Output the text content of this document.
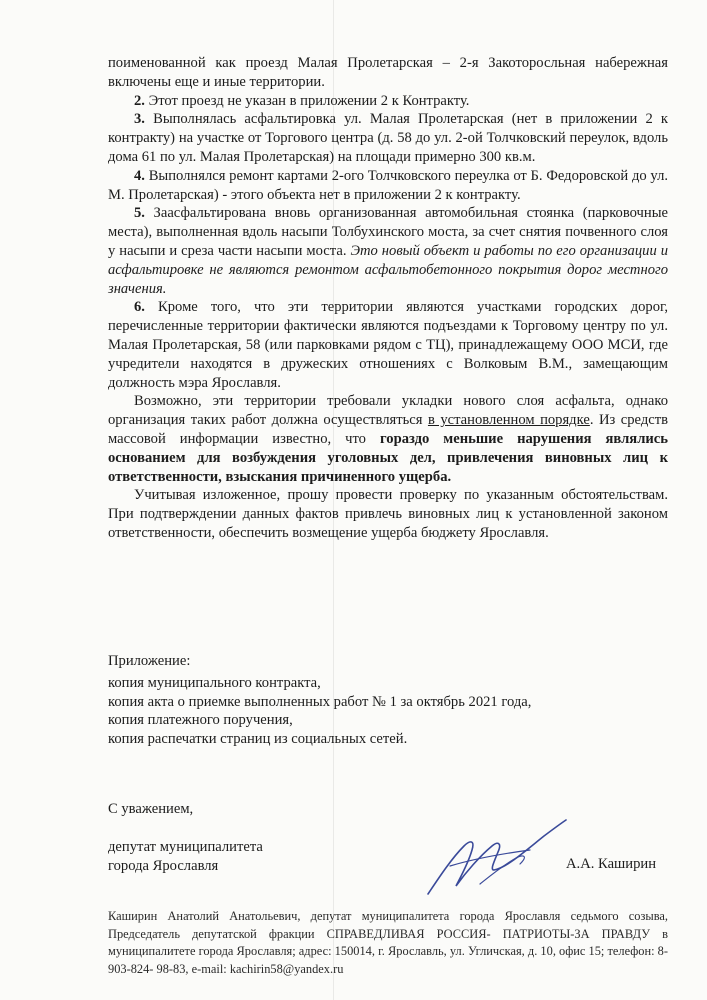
поименованной как проезд Малая Пролетарская – 2-я Закоторосльная набережная включены еще и иные территории.

2. Этот проезд не указан в приложении 2 к Контракту.

3. Выполнялась асфальтировка ул. Малая Пролетарская (нет в приложении 2 к контракту) на участке от Торгового центра (д. 58 до ул. 2-ой Толчковский переулок, вдоль дома 61 по ул. Малая Пролетарская) на площади примерно 300 кв.м.

4. Выполнялся ремонт картами 2-ого Толчковского переулка от Б. Федоровской до ул. М. Пролетарская) - этого объекта нет в приложении 2 к контракту.

5. Заасфальтирована вновь организованная автомобильная стоянка (парковочные места), выполненная вдоль насыпи Толбухинского моста, за счет снятия почвенного слоя у насыпи и среза части насыпи моста. Это новый объект и работы по его организации и асфальтировке не являются ремонтом асфальтобетонного покрытия дорог местного значения.

6. Кроме того, что эти территории являются участками городских дорог, перечисленные территории фактически являются подъездами к Торговому центру по ул. Малая Пролетарская, 58 (или парковками рядом с ТЦ), принадлежащему ООО МСИ, где учредители находятся в дружеских отношениях с Волковым В.М., замещающим должность мэра Ярославля.

Возможно, эти территории требовали укладки нового слоя асфальта, однако организация таких работ должна осуществляться в установленном порядке. Из средств массовой информации известно, что гораздо меньшие нарушения являлись основанием для возбуждения уголовных дел, привлечения виновных лиц к ответственности, взыскания причиненного ущерба.

Учитывая изложенное, прошу провести проверку по указанным обстоятельствам. При подтверждении данных фактов привлечь виновных лиц к установленной законом ответственности, обеспечить возмещение ущерба бюджету Ярославля.

Приложение:

копия муниципального контракта,

копия акта о приемке выполненных работ № 1 за октябрь 2021 года,

копия платежного поручения,

копия распечатки страниц из социальных сетей.

С уважением,

депутат муниципалитета

города Ярославля	А.А. Каширин

Каширин Анатолий Анатольевич, депутат муниципалитета города Ярославля седьмого созыва, Председатель депутатской фракции СПРАВЕДЛИВАЯ РОССИЯ- ПАТРИОТЫ-ЗА ПРАВДУ в муниципалитете города Ярославля; адрес: 150014, г. Ярославль, ул. Угличская, д. 10, офис 15; телефон: 8-903-824- 98-83, e-mail: kachirin58@yandex.ru
